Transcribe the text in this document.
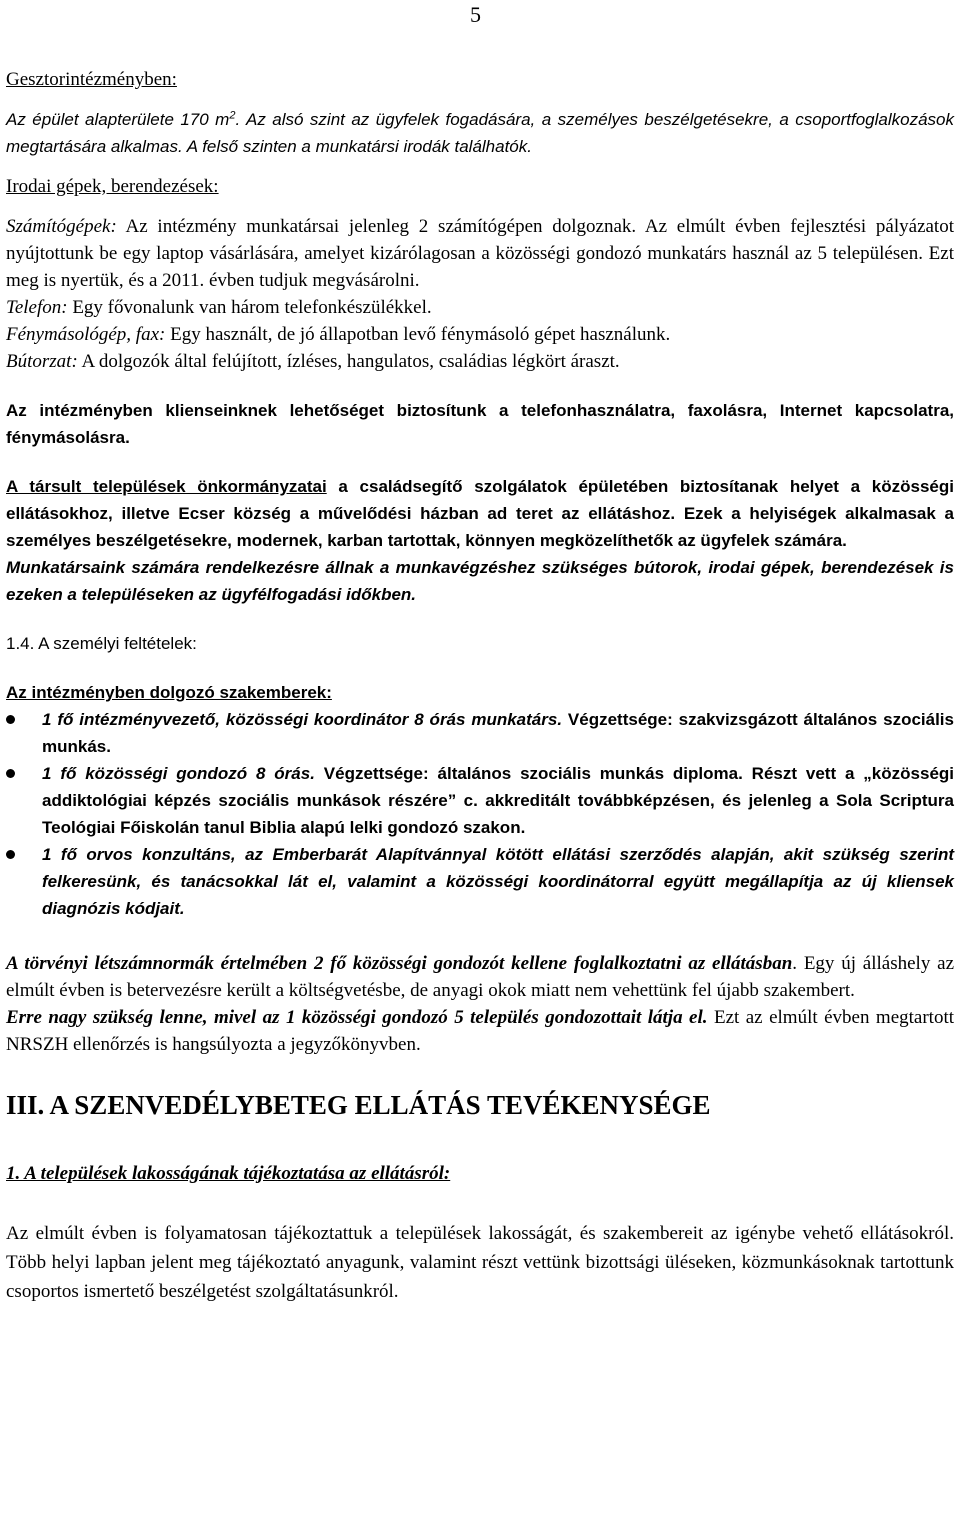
5

Gesztorintézményben:

Az épület alapterülete 170 $m^2$. Az alsó szint az ügyfelek fogadására, a személyes beszélgetésekre, a csoportfoglalkozások megtartására alkalmas. A felső szinten a munkatársi irodák találhatók.

Irodai gépek, berendezések:

Számítógépek: Az intézmény munkatársai jelenleg 2 számítógépen dolgoznak. Az elmúlt évben fejlesztési pályázatot nyújtottunk be egy laptop vásárlására, amelyet kizárólagosan a közösségi gondozó munkatárs használ az 5 településen. Ezt meg is nyertük, és a 2011. évben tudjuk megvásárolni.

Telefon: Egy fővonalunk van három telefonkészülékkel.

Fénymásológép, fax: Egy használt, de jó állapotban levő fénymásoló gépet használunk.

Bútorzat: A dolgozók által felújított, ízléses, hangulatos, családias légkört áraszt.

Az intézményben klienseinknek lehetőséget biztosítunk a telefonhasználatra, faxolásra, Internet kapcsolatra, fénymásolásra.

A társult települések önkormányzatai a családsegítő szolgálatok épületében biztosítanak helyet a közösségi ellátásokhoz, illetve Ecser község a művelődési házban ad teret az ellátáshoz. Ezek a helyiségek alkalmasak a személyes beszélgetésekre, modernek, karban tartottak, könnyen megközelíthetők az ügyfelek számára.

Munkatársaink számára rendelkezésre állnak a munkavégzéshez szükséges bútorok, irodai gépek, berendezések is ezeken a településeken az ügyfélfogadási időkben.

1.4. A személyi feltételek:

Az intézményben dolgozó szakemberek:

1 fő intézményvezető, közösségi koordinátor 8 órás munkatárs. Végzettsége: szakvizsgázott általános szociális munkás.
1 fő közösségi gondozó 8 órás. Végzettsége: általános szociális munkás diploma. Részt vett a „közösségi addiktológiai képzés szociális munkások részére” c. akkreditált továbbképzésen, és jelenleg a Sola Scriptura Teológiai Főiskolán tanul Biblia alapú lelki gondozó szakon.
1 fő orvos konzultáns, az Emberbarát Alapítvánnyal kötött ellátási szerződés alapján, akit szükség szerint felkeresünk, és tanácsokkal lát el, valamint a közösségi koordinátorral együtt megállapítja az új kliensek diagnózis kódjait.

A törvényi létszámnormák értelmében 2 fő közösségi gondozót kellene foglalkoztatni az ellátásban. Egy új álláshely az elmúlt évben is betervezésre került a költségvetésbe, de anyagi okok miatt nem vehettünk fel újabb szakembert.

Erre nagy szükség lenne, mivel az 1 közösségi gondozó 5 település gondozottait látja el. Ezt az elmúlt évben megtartott NRSZH ellenőrzés is hangsúlyozta a jegyzőkönyvben.

III. A SZENVEDÉLYBETEG ELLÁTÁS TEVÉKENYSÉGE

1. A települések lakosságának tájékoztatása az ellátásról:

Az elmúlt évben is folyamatosan tájékoztattuk a települések lakosságát, és szakembereit az igénybe vehető ellátásokról. Több helyi lapban jelent meg tájékoztató anyagunk, valamint részt vettünk bizottsági üléseken, közmunkásoknak tartottunk csoportos ismertető beszélgetést szolgáltatásunkról.
